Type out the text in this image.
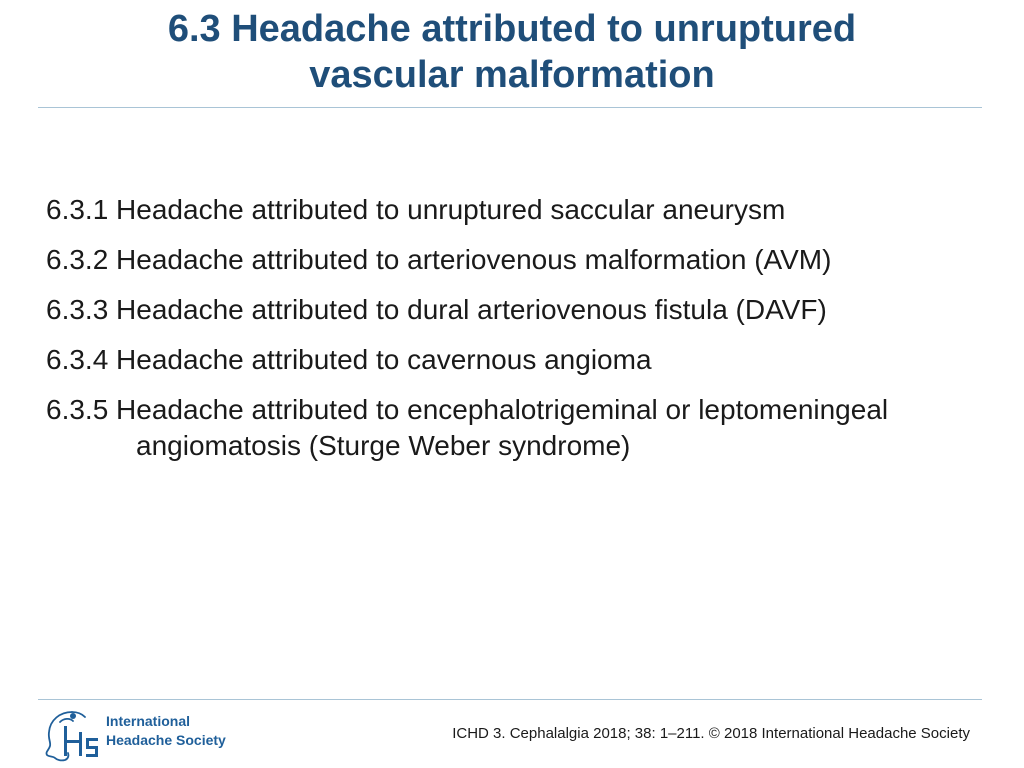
6.3 Headache attributed to unruptured
vascular malformation
6.3.1 Headache attributed to unruptured saccular aneurysm
6.3.2 Headache attributed to arteriovenous malformation (AVM)
6.3.3 Headache attributed to dural arteriovenous fistula (DAVF)
6.3.4 Headache attributed to cavernous angioma
6.3.5 Headache attributed to encephalotrigeminal or leptomeningeal
angiomatosis (Sturge Weber syndrome)
International
Headache Society	ICHD 3. Cephalalgia 2018; 38: 1–211. © 2018 International Headache Society
